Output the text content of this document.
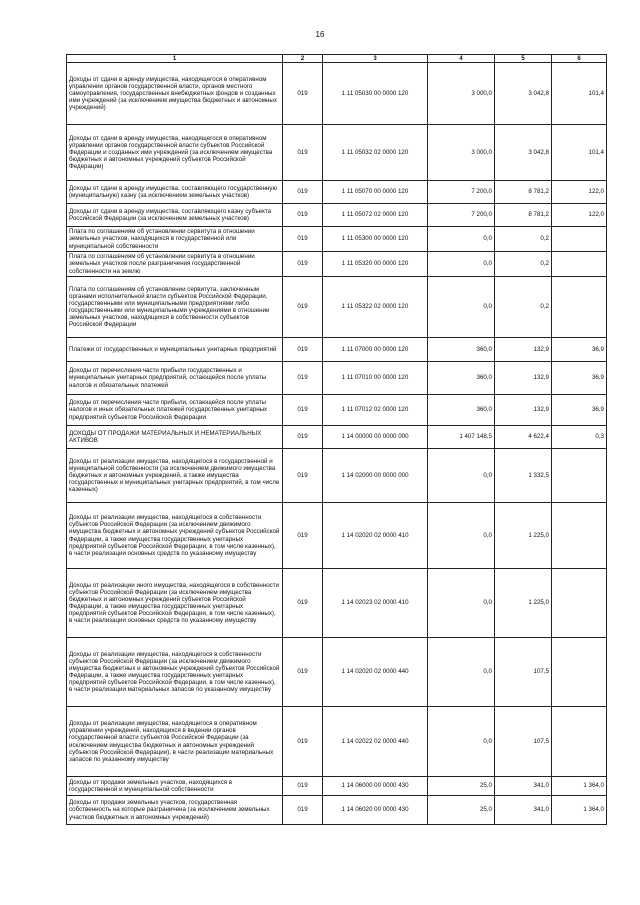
16
1	2	3	4	5	6
Доходы от сдачи в аренду имущества, находящегося в оперативном управлении органов государственной власти, органов местного самоуправления, государственных внебюджетных фондов и созданных ими учреждений (за исключением имущества бюджетных и автономных учреждений)	019	1 11 05030 00 0000 120	3 000,0	3 042,8	101,4
Доходы от сдачи в аренду имущества, находящегося в оперативном управлении органов государственной власти субъектов Российской Федерации и созданных ими учреждений (за исключением имущества бюджетных и автономных учреждений субъектов Российской Федерации)	019	1 11 05032 02 0000 120	3 000,0	3 042,8	101,4
Доходы от сдачи в аренду имущества, составляющего государственную (муниципальную) казну (за исключением земельных участков)	019	1 11 05070 00 0000 120	7 200,0	8 781,2	122,0
Доходы от сдачи в аренду имущества, составляющего казну субъекта Российской Федерации (за исключением земельных участков)	019	1 11 05072 02 0000 120	7 200,0	8 781,2	122,0
Плата по соглашениям об установлении сервитута в отношении земельных участков, находящихся в государственной или муниципальной собственности	019	1 11 05300 00 0000 120	0,0	0,2	
Плата по соглашениям об установлении сервитута в отношении земельных участков после разграничения государственной собственности на землю	019	1 11 05320 00 0000 120	0,0	0,2	
Плата по соглашениям об установлении сервитута, заключенным органами исполнительной власти субъектов Российской Федерации, государственными или муниципальными предприятиями либо государственными или муниципальными учреждениями в отношении земельных участков, находящихся в собственности субъектов Российской Федерации	019	1 11 05322 02 0000 120	0,0	0,2	
Платежи от государственных и муниципальных унитарных предприятий	019	1 11 07000 00 0000 120	360,0	132,9	36,9
Доходы от перечисления части прибыли государственных и муниципальных унитарных предприятий, остающейся после уплаты налогов и обязательных платежей	019	1 11 07010 00 0000 120	360,0	132,9	36,9
Доходы от перечисления части прибыли, остающейся после уплаты налогов и иных обязательных платежей государственных унитарных предприятий субъектов Российской Федерации	019	1 11 07012 02 0000 120	360,0	132,9	36,9
ДОХОДЫ ОТ ПРОДАЖИ МАТЕРИАЛЬНЫХ И НЕМАТЕРИАЛЬНЫХ АКТИВОВ	019	1 14 00000 00 0000 000	1 407 148,5	4 622,4	0,3
Доходы от реализации имущества, находящегося в государственной и муниципальной собственности (за исключением движимого имущества бюджетных и автономных учреждений, а также имущества государственных и муниципальных унитарных предприятий, в том числе казенных)	019	1 14 02000 00 0000 000	0,0	1 332,5	
Доходы от реализации имущества, находящегося в собственности субъектов Российской Федерации (за исключением движимого имущества бюджетных и автономных учреждений субъектов Российской Федерации, а также имущества государственных унитарных предприятий субъектов Российской Федерации, в том числе казенных), в части реализации основных средств по указанному имуществу	019	1 14 02020 02 0000 410	0,0	1 225,0	
Доходы от реализации иного имущества, находящегося в собственности субъектов Российской Федерации (за исключением имущества бюджетных и автономных учреждений субъектов Российской Федерации, а также имущества государственных унитарных предприятий субъектов Российской Федерации, в том числе казенных), в части реализации основных средств по указанному имуществу	019	1 14 02023 02 0000 410	0,0	1 225,0	
Доходы от реализации имущества, находящегося в собственности субъектов Российской Федерации (за исключением движимого имущества бюджетных и автономных учреждений субъектов Российской Федерации, а также имущества государственных унитарных предприятий субъектов Российской Федерации, в том числе казенных), в части реализации материальных запасов по указанному имуществу	019	1 14 02020 02 0000 440	0,0	107,5	
Доходы от реализации имущества, находящегося в оперативном управлении учреждений, находящихся в ведении органов государственной власти субъектов Российской Федерации (за исключением имущества бюджетных и автономных учреждений субъектов Российской Федерации), в части реализации материальных запасов по указанному имуществу	019	1 14 02022 02 0000 440	0,0	107,5	
Доходы от продажи земельных участков, находящихся в государственной и муниципальной собственности	019	1 14 06000 00 0000 430	25,0	341,0	1 364,0
Доходы от продажи земельных участков, государственная собственность на которые разграничена (за исключением земельных участков бюджетных и автономных учреждений)	019	1 14 06020 00 0000 430	25,0	341,0	1 364,0
